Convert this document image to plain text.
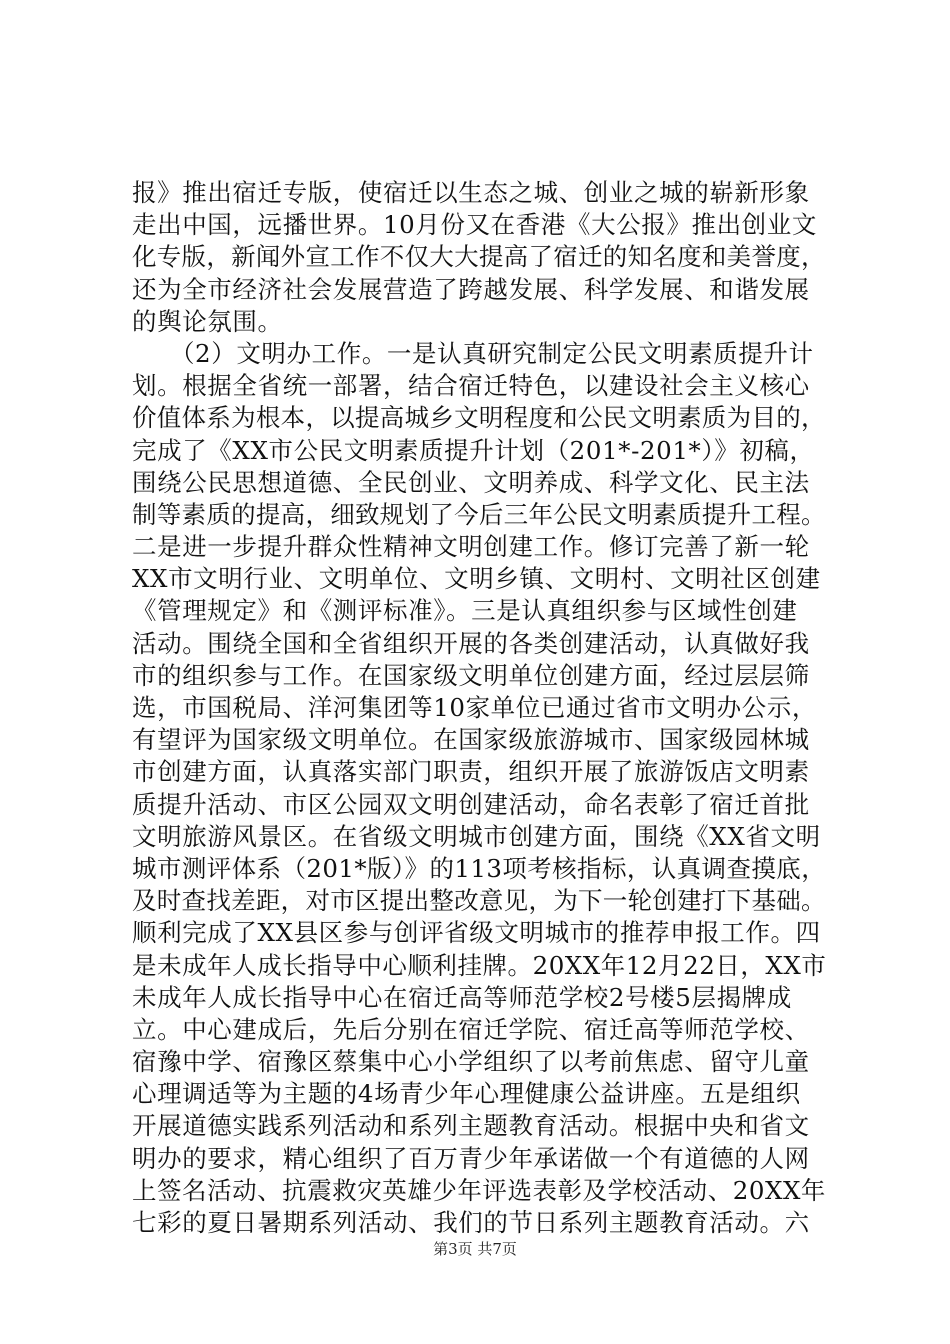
报》推出宿迁专版，使宿迁以生态之城、创业之城的崭新形象
走出中国，远播世界。10月份又在香港《大公报》推出创业文
化专版，新闻外宣工作不仅大大提高了宿迁的知名度和美誉度，
还为全市经济社会发展营造了跨越发展、科学发展、和谐发展
的舆论氛围。
　　（2）文明办工作。一是认真研究制定公民文明素质提升计
划。根据全省统一部署，结合宿迁特色，以建设社会主义核心
价值体系为根本，以提高城乡文明程度和公民文明素质为目的，
完成了《XX市公民文明素质提升计划（201*-201*）》初稿，
围绕公民思想道德、全民创业、文明养成、科学文化、民主法
制等素质的提高，细致规划了今后三年公民文明素质提升工程。
二是进一步提升群众性精神文明创建工作。修订完善了新一轮
XX市文明行业、文明单位、文明乡镇、文明村、文明社区创建
《管理规定》和《测评标准》。三是认真组织参与区域性创建
活动。围绕全国和全省组织开展的各类创建活动，认真做好我
市的组织参与工作。在国家级文明单位创建方面，经过层层筛
选，市国税局、洋河集团等10家单位已通过省市文明办公示，
有望评为国家级文明单位。在国家级旅游城市、国家级园林城
市创建方面，认真落实部门职责，组织开展了旅游饭店文明素
质提升活动、市区公园双文明创建活动，命名表彰了宿迁首批
文明旅游风景区。在省级文明城市创建方面，围绕《XX省文明
城市测评体系（201*版）》的113项考核指标，认真调查摸底，
及时查找差距，对市区提出整改意见，为下一轮创建打下基础。
顺利完成了XX县区参与创评省级文明城市的推荐申报工作。四
是未成年人成长指导中心顺利挂牌。20XX年12月22日，XX市
未成年人成长指导中心在宿迁高等师范学校2号楼5层揭牌成
立。中心建成后，先后分别在宿迁学院、宿迁高等师范学校、
宿豫中学、宿豫区蔡集中心小学组织了以考前焦虑、留守儿童
心理调适等为主题的4场青少年心理健康公益讲座。五是组织
开展道德实践系列活动和系列主题教育活动。根据中央和省文
明办的要求，精心组织了百万青少年承诺做一个有道德的人网
上签名活动、抗震救灾英雄少年评选表彰及学校活动、20XX年
七彩的夏日暑期系列活动、我们的节日系列主题教育活动。六
第3页 共7页
